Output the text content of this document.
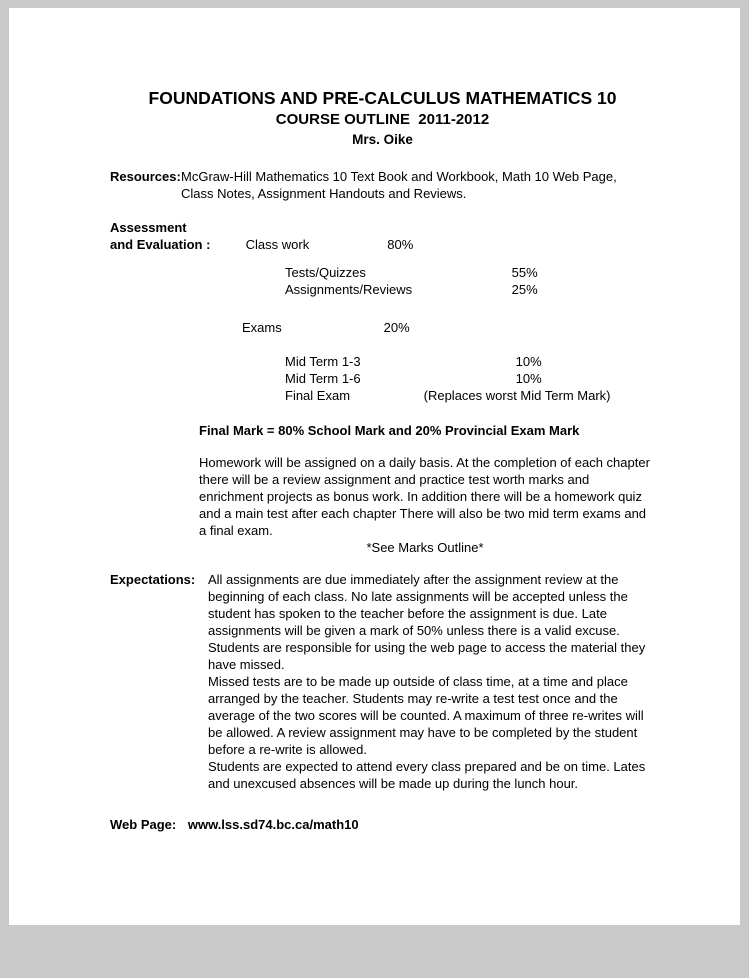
FOUNDATIONS AND PRE-CALCULUS MATHEMATICS 10
COURSE OUTLINE  2011-2012
Mrs. Oike
Resources: McGraw-Hill Mathematics 10 Text Book and Workbook, Math 10 Web Page, Class Notes, Assignment Handouts and Reviews.
Assessment
and Evaluation :	Class work	80%
Tests/Quizzes	55%
Assignments/Reviews	25%
Exams	20%
Mid Term 1-3	10%
Mid Term 1-6	10%
Final Exam	(Replaces worst Mid Term Mark)
Final Mark = 80% School Mark and 20% Provincial Exam Mark
Homework will be assigned on a daily basis. At the completion of each chapter there will be a review assignment and practice test worth marks and enrichment projects as bonus work. In addition there will be a homework quiz and a main test after each chapter There will also be two mid term exams and a final exam.
*See Marks Outline*
Expectations: All assignments are due immediately after the assignment review at the beginning of each class. No late assignments will be accepted unless the student has spoken to the teacher before the assignment is due. Late assignments will be given a mark of 50% unless there is a valid excuse. Students are responsible for using the web page to access the material they have missed.
Missed tests are to be made up outside of class time, at a time and place arranged by the teacher. Students may re-write a test test once and the average of the two scores will be counted. A maximum of three re-writes will be allowed. A review assignment may have to be completed by the student before a re-write is allowed.
Students are expected to attend every class prepared and be on time. Lates and unexcused absences will be made up during the lunch hour.
Web Page: www.lss.sd74.bc.ca/math10
